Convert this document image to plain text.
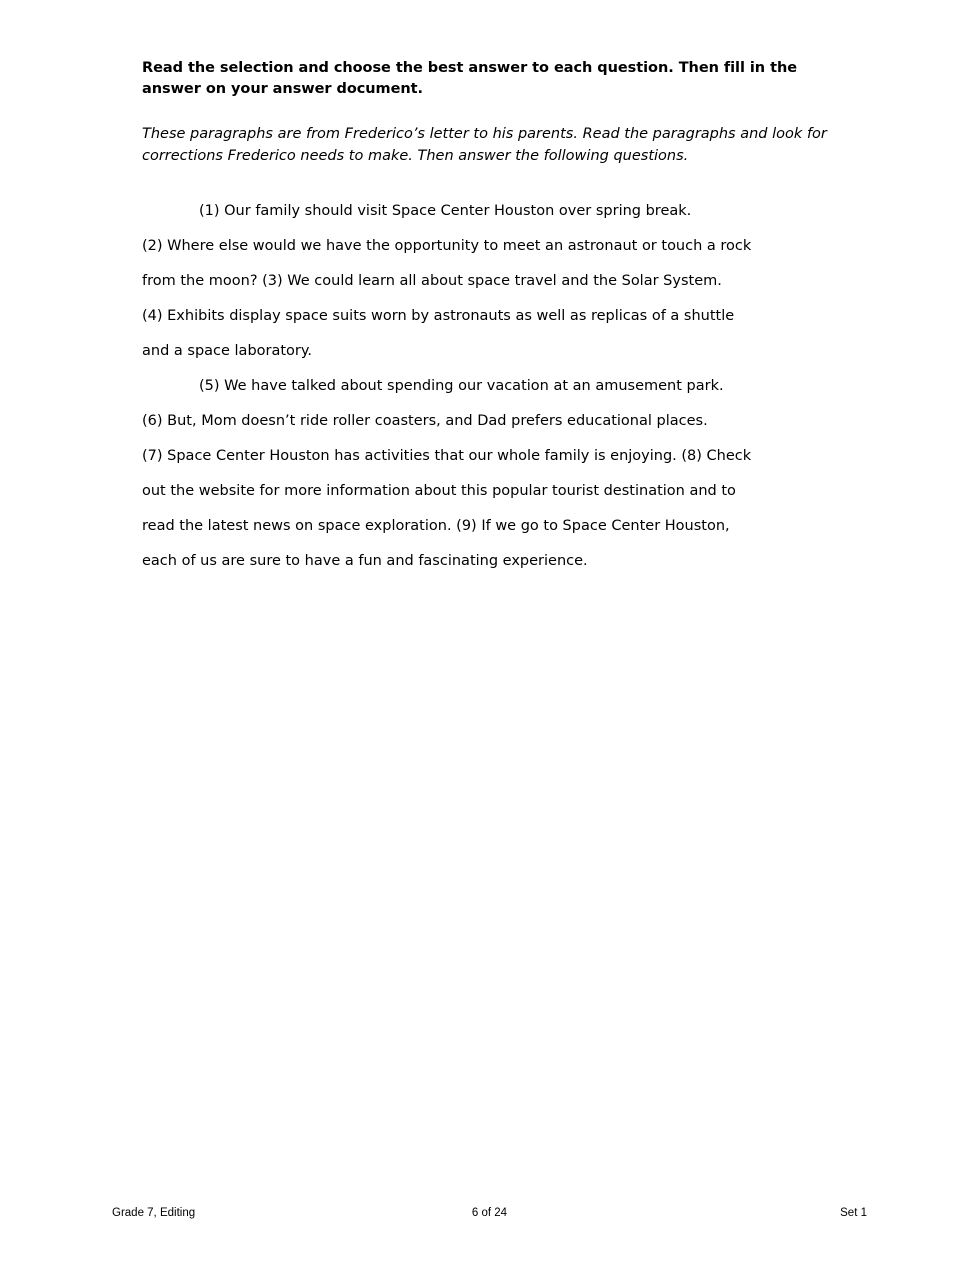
Read the selection and choose the best answer to each question. Then fill in the answer on your answer document.

These paragraphs are from Frederico’s letter to his parents. Read the paragraphs and look for corrections Frederico needs to make. Then answer the following questions.

(1) Our family should visit Space Center Houston over spring break.

(2) Where else would we have the opportunity to meet an astronaut or touch a rock

from the moon? (3) We could learn all about space travel and the Solar System.

(4) Exhibits display space suits worn by astronauts as well as replicas of a shuttle

and a space laboratory.

(5) We have talked about spending our vacation at an amusement park.

(6) But, Mom doesn’t ride roller coasters, and Dad prefers educational places.

(7) Space Center Houston has activities that our whole family is enjoying. (8) Check

out the website for more information about this popular tourist destination and to

read the latest news on space exploration. (9) If we go to Space Center Houston,

each of us are sure to have a fun and fascinating experience.

Grade 7, Editing	6 of 24	Set 1
